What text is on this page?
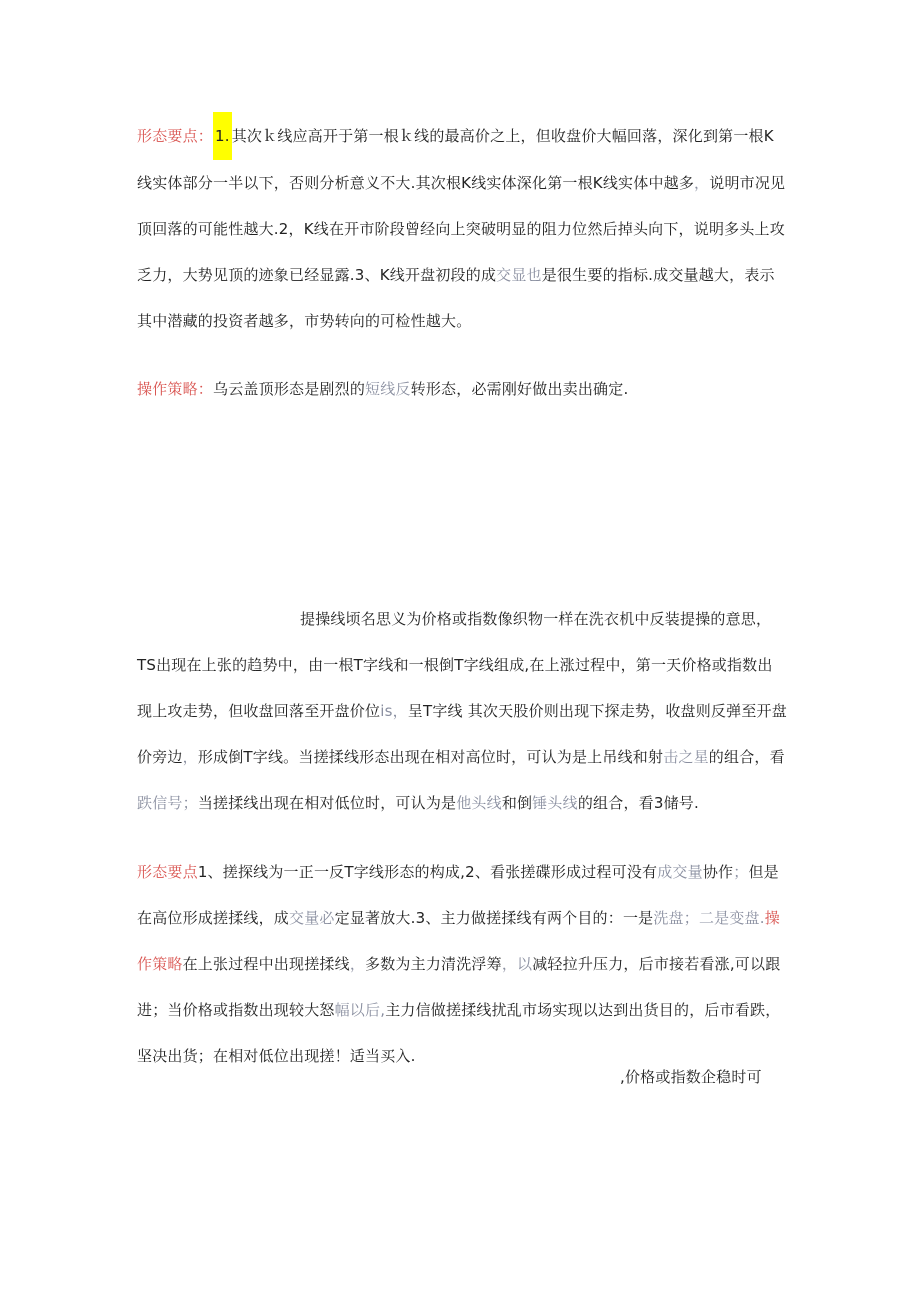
形态要点： 1. 其次ｋ线应高开于第一根ｋ线的最高价之上，但收盘价大幅回落，深化到第一根K线实体部分一半以下，否则分析意义不大.其次根K线实体深化第一根K线实体中越多，说明市况见顶回落的可能性越大.2，K线在开市阶段曾经向上突破明显的阻力位然后掉头向下，说明多头上攻乏力，大势见顶的迹象已经显露.3、K线开盘初段的成交显也是很生要的指标.成交量越大，表示其中潜藏的投资者越多，市势转向的可检性越大。

操作策略：乌云盖顶形态是剧烈的短线反转形态，必需刚好做出卖出确定.

提操线顷名思义为价格或指数像织物一样在洗衣机中反装提操的意思，TS出现在上张的趋势中，由一根T字线和一根倒T字线组成,在上涨过程中，第一天价格或指数出现上攻走势，但收盘回落至开盘价位is，呈T字线 其次天股价则出现下探走势，收盘则反弹至开盘价旁边，形成倒T字线。当搓揉线形态出现在相对高位时，可认为是上吊线和射击之星的组合，看跌信号；当搓揉线出现在相对低位时，可认为是他头线和倒锤头线的组合，看3储号.

形态要点1、搓探线为一正一反T字线形态的构成,2、看张搓碟形成过程可没有成交量协作；但是在高位形成搓揉线，成交量必定显著放大.3、主力做搓揉线有两个目的：一是洗盘；二是变盘.操作策略在上张过程中出现搓揉线，多数为主力清洗浮筹，以减轻拉升压力，后市接若看涨,可以跟进；当价格或指数出现较大怒幅以后,主力信做搓揉线扰乱市场实现以达到出货目的，后市看跌，坚决出货；在相对低位出现搓！适当买入.

,价格或指数企稳时可
